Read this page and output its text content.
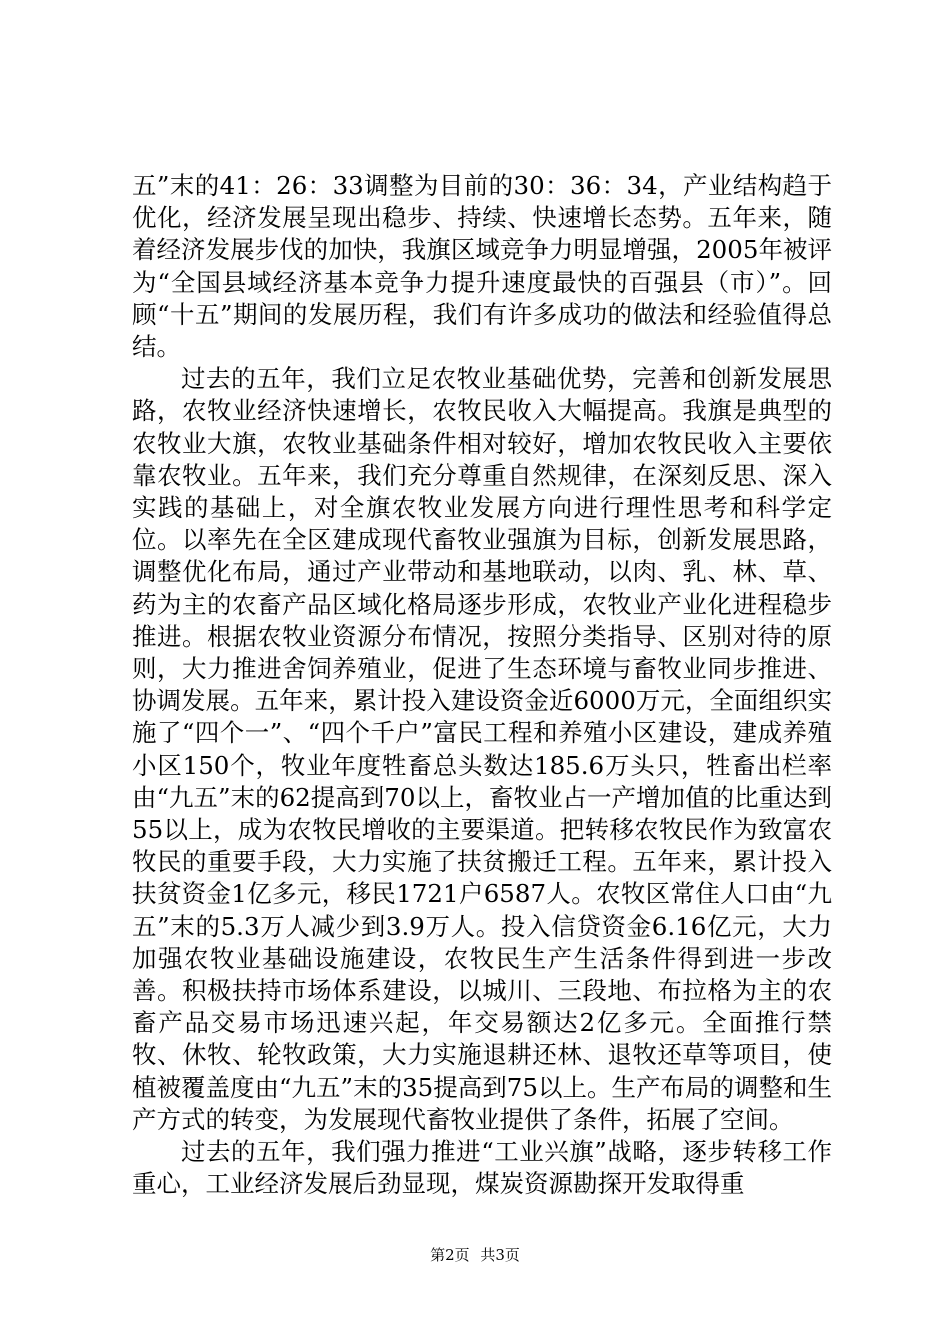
五”末的41：26：33调整为目前的30：36：34，产业结构趋于优化，经济发展呈现出稳步、持续、快速增长态势。五年来，随着经济发展步伐的加快，我旗区域竞争力明显增强，2005年被评为“全国县域经济基本竞争力提升速度最快的百强县（市）”。回顾“十五”期间的发展历程，我们有许多成功的做法和经验值得总结。

过去的五年，我们立足农牧业基础优势，完善和创新发展思路，农牧业经济快速增长，农牧民收入大幅提高。我旗是典型的农牧业大旗，农牧业基础条件相对较好，增加农牧民收入主要依靠农牧业。五年来，我们充分尊重自然规律，在深刻反思、深入实践的基础上，对全旗农牧业发展方向进行理性思考和科学定位。以率先在全区建成现代畜牧业强旗为目标，创新发展思路，调整优化布局，通过产业带动和基地联动，以肉、乳、林、草、药为主的农畜产品区域化格局逐步形成，农牧业产业化进程稳步推进。根据农牧业资源分布情况，按照分类指导、区别对待的原则，大力推进舍饲养殖业，促进了生态环境与畜牧业同步推进、协调发展。五年来，累计投入建设资金近6000万元，全面组织实施了“四个一”、“四个千户”富民工程和养殖小区建设，建成养殖小区150个，牧业年度牲畜总头数达185.6万头只，牲畜出栏率由“九五”末的62提高到70以上，畜牧业占一产增加值的比重达到55以上，成为农牧民增收的主要渠道。把转移农牧民作为致富农牧民的重要手段，大力实施了扶贫搬迁工程。五年来，累计投入扶贫资金1亿多元，移民1721户6587人。农牧区常住人口由“九五”末的5.3万人减少到3.9万人。投入信贷资金6.16亿元，大力加强农牧业基础设施建设，农牧民生产生活条件得到进一步改善。积极扶持市场体系建设，以城川、三段地、布拉格为主的农畜产品交易市场迅速兴起，年交易额达2亿多元。全面推行禁牧、休牧、轮牧政策，大力实施退耕还林、退牧还草等项目，使植被覆盖度由“九五”末的35提高到75以上。生产布局的调整和生产方式的转变，为发展现代畜牧业提供了条件，拓展了空间。

过去的五年，我们强力推进“工业兴旗”战略，逐步转移工作重心，工业经济发展后劲显现，煤炭资源勘探开发取得重

第2页 共3页
